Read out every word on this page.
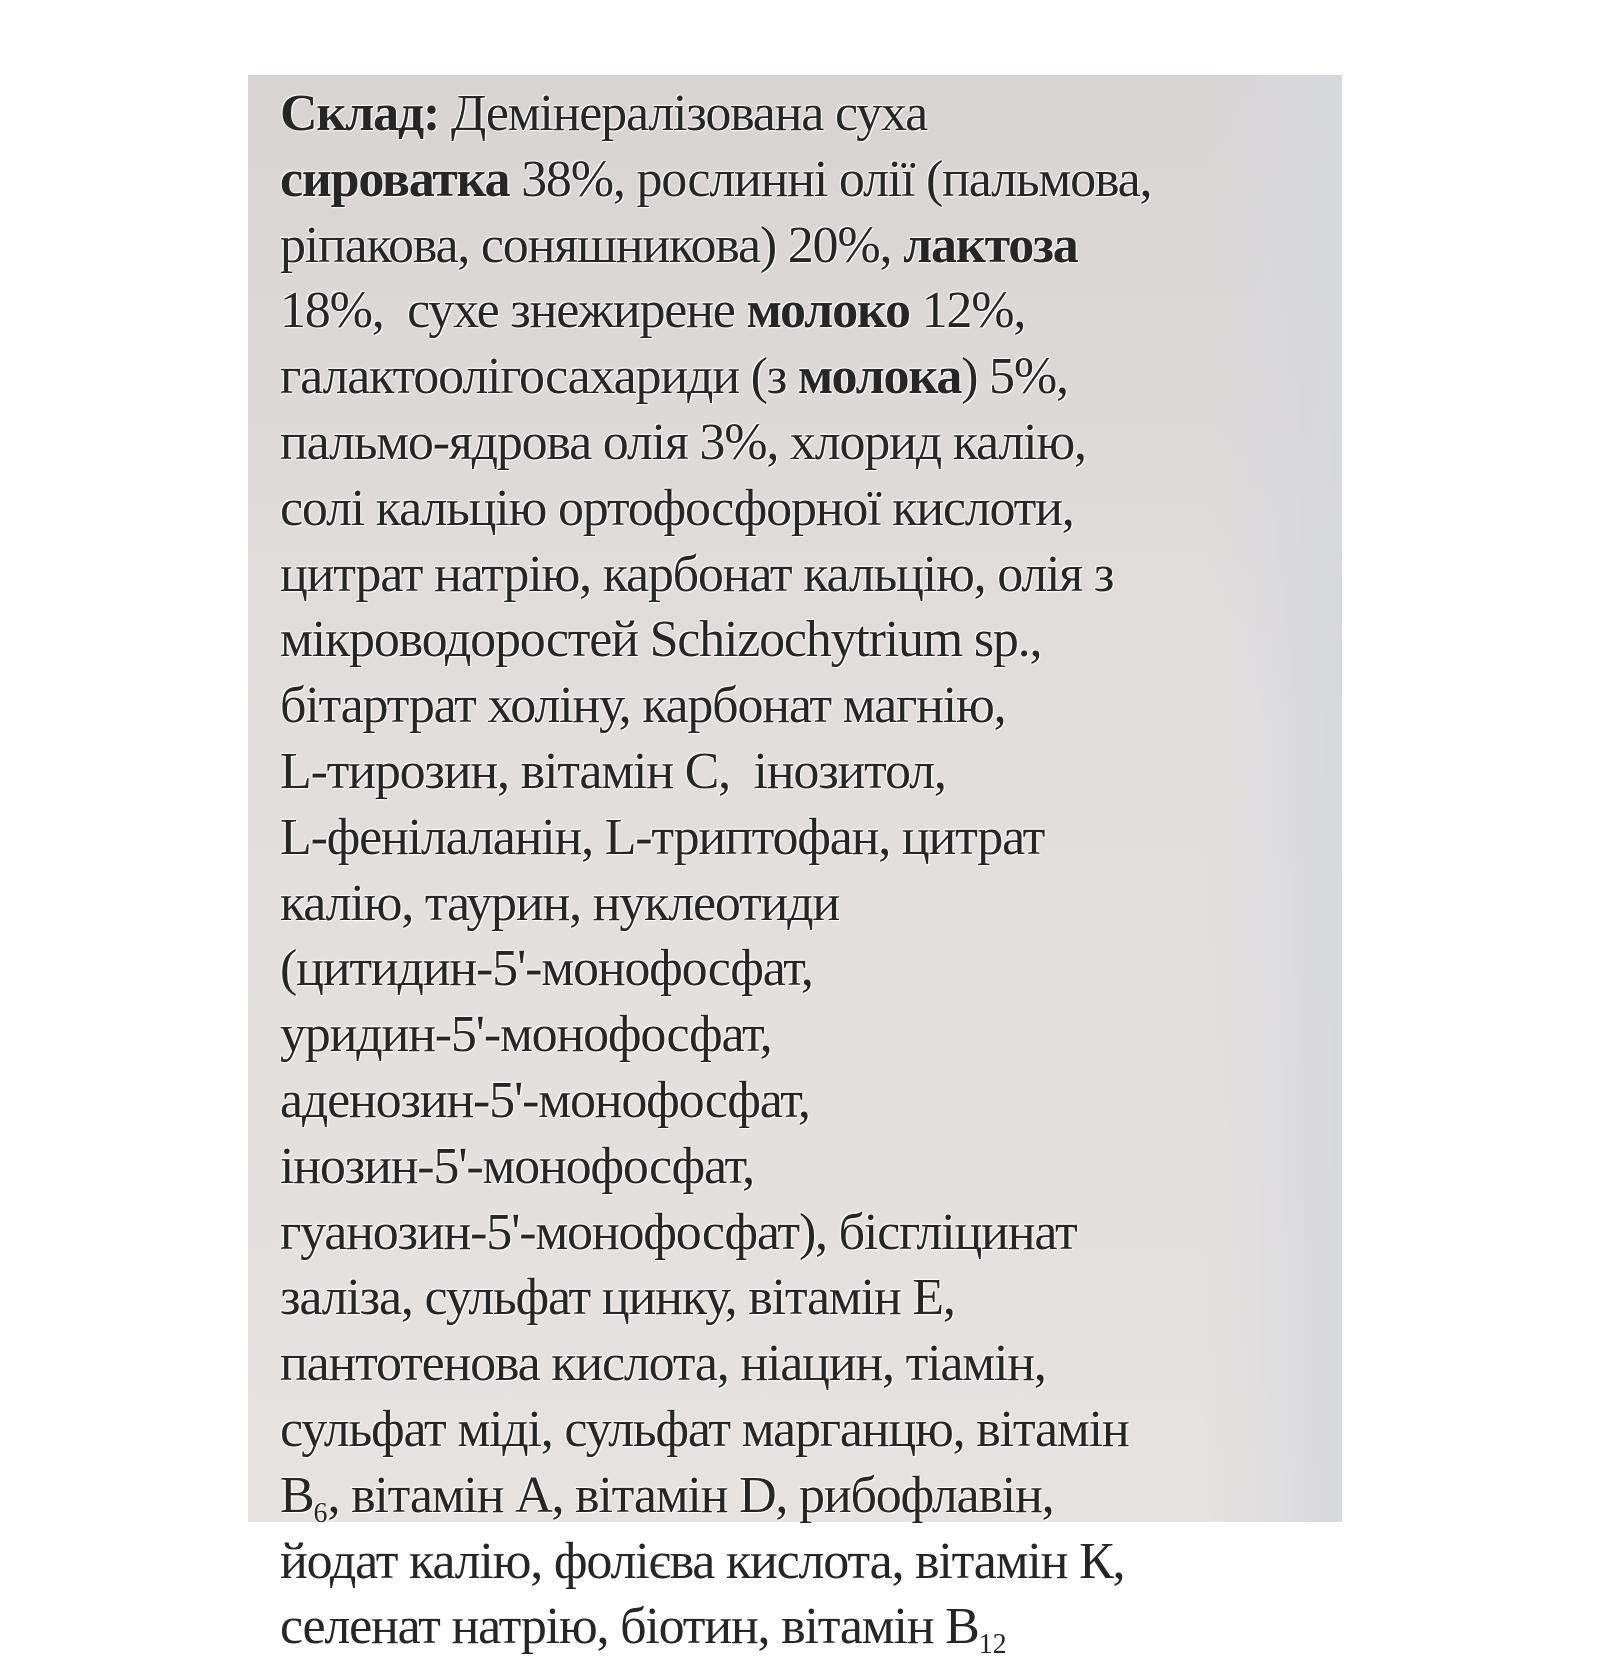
Склад: Демінералізована суха
сироватка 38%, рослинні олії (пальмова,
ріпакова, соняшникова) 20%, лактоза
18%,  сухе знежирене молоко 12%,
галактоолігосахариди (з молока) 5%,
пальмо-ядрова олія 3%, хлорид калію,
солі кальцію ортофосфорної кислоти,
цитрат натрію, карбонат кальцію, олія з
мікроводоростей Schizochytrium sp.,
бітартрат холіну, карбонат магнію,
L-тирозин, вітамін С,  інозитол,
L-фенілаланін, L-триптофан, цитрат
калію, таурин, нуклеотиди
(цитидин-5'-монофосфат,
уридин-5'-монофосфат,
аденозин-5'-монофосфат,
інозин-5'-монофосфат,
гуанозин-5'-монофосфат), бісгліцинат
заліза, сульфат цинку, вітамін Е,
пантотенова кислота, ніацин, тіамін,
сульфат міді, сульфат марганцю, вітамін
$В_6$, вітамін А, вітамін D, рибофлавін,
йодат калію, фолієва кислота, вітамін К,
селенат натрію, біотин, вітамін $В_{12}$
